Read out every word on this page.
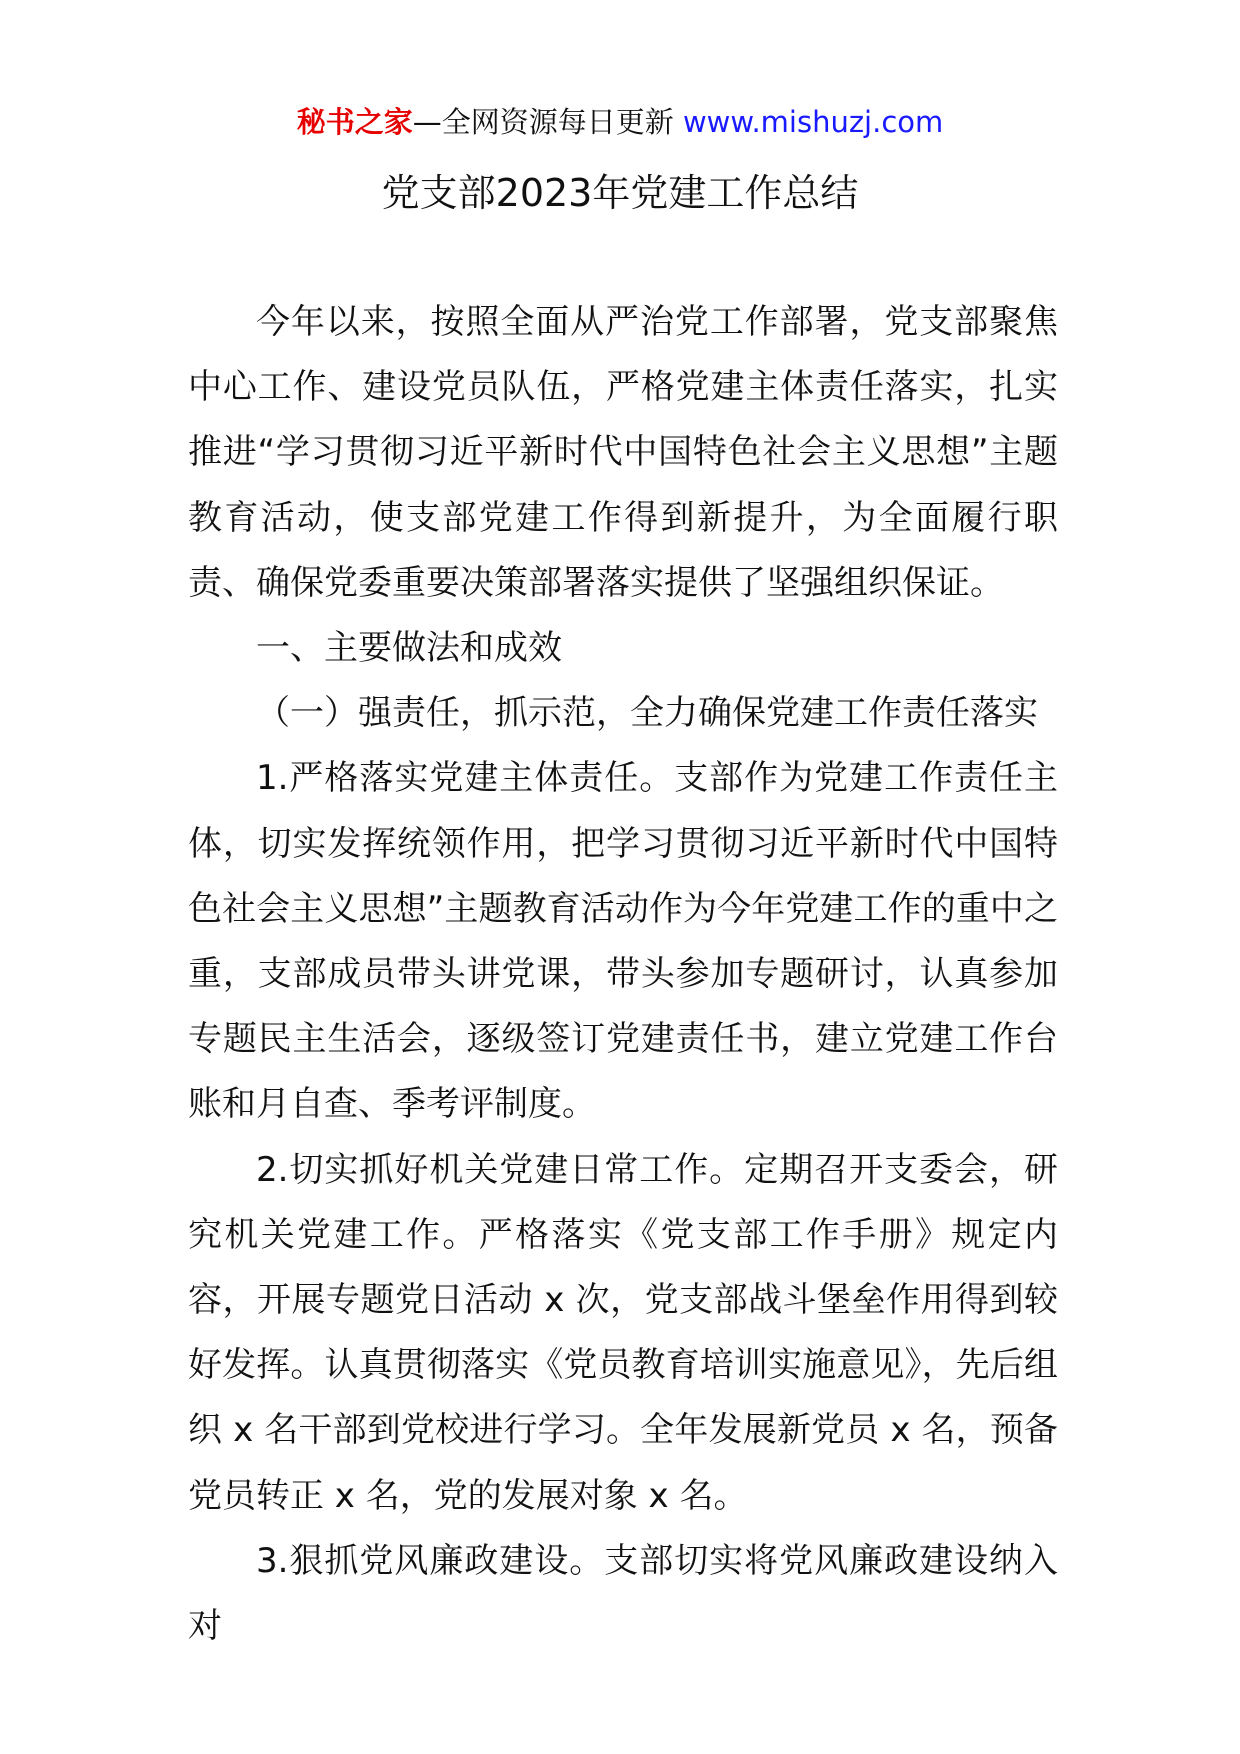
秘书之家—全网资源每日更新 www.mishuzj.com
党支部2023年党建工作总结

今年以来，按照全面从严治党工作部署，党支部聚焦中心工作、建设党员队伍，严格党建主体责任落实，扎实推进“学习贯彻习近平新时代中国特色社会主义思想”主题教育活动，使支部党建工作得到新提升，为全面履行职责、确保党委重要决策部署落实提供了坚强组织保证。

一、主要做法和成效

（一）强责任，抓示范，全力确保党建工作责任落实

1.严格落实党建主体责任。支部作为党建工作责任主体，切实发挥统领作用，把学习贯彻习近平新时代中国特色社会主义思想”主题教育活动作为今年党建工作的重中之重，支部成员带头讲党课，带头参加专题研讨，认真参加专题民主生活会，逐级签订党建责任书，建立党建工作台账和月自查、季考评制度。

2.切实抓好机关党建日常工作。定期召开支委会，研究机关党建工作。严格落实《党支部工作手册》规定内容，开展专题党日活动 x 次，党支部战斗堡垒作用得到较好发挥。认真贯彻落实《党员教育培训实施意见》，先后组织 x 名干部到党校进行学习。全年发展新党员 x 名，预备党员转正 x 名，党的发展对象 x 名。

3.狠抓党风廉政建设。支部切实将党风廉政建设纳入对
